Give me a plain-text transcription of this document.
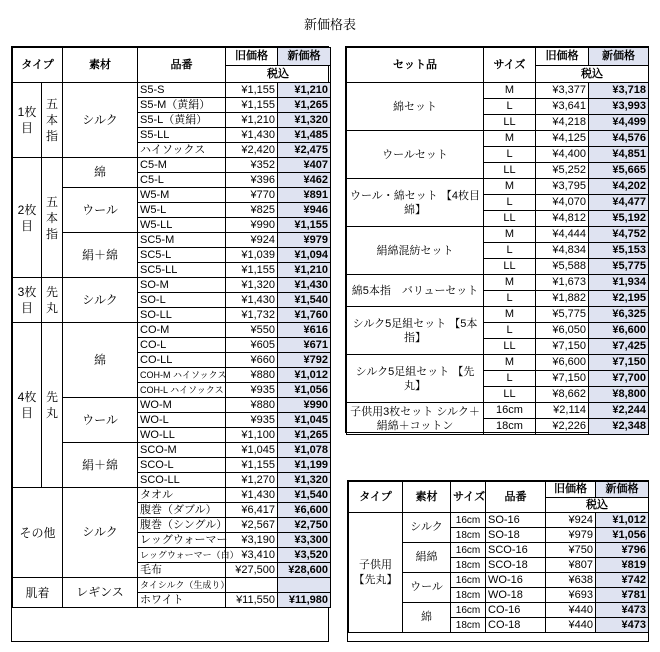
新価格表
タイプ		素材	品番	旧価格	新価格
				税込	
1枚目	五本指	シルク	S5-S	¥1,155	¥1,210
			S5-M（黄絹）	¥1,155	¥1,265
			S5-L（黄絹）	¥1,210	¥1,320
			S5-LL	¥1,430	¥1,485
			ハイソックス	¥2,420	¥2,475
2枚目	五本指	綿	C5-M	¥352	¥407
			C5-L	¥396	¥462
		ウール	W5-M	¥770	¥891
			W5-L	¥825	¥946
			W5-LL	¥990	¥1,155
		絹＋綿	SC5-M	¥924	¥979
			SC5-L	¥1,039	¥1,094
			SC5-LL	¥1,155	¥1,210
3枚目	先丸	シルク	SO-M	¥1,320	¥1,430
			SO-L	¥1,430	¥1,540
			SO-LL	¥1,732	¥1,760
4枚目	先丸	綿	CO-M	¥550	¥616
			CO-L	¥605	¥671
			CO-LL	¥660	¥792
			COH-M ハイソックス	¥880	¥1,012
			COH-L ハイソックス	¥935	¥1,056
		ウール	WO-M	¥880	¥990
			WO-L	¥935	¥1,045
			WO-LL	¥1,100	¥1,265
		絹＋綿	SCO-M	¥1,045	¥1,078
			SCO-L	¥1,155	¥1,199
			SCO-LL	¥1,270	¥1,320
その他		シルク	タオル	¥1,430	¥1,540
			腹巻（ダブル）	¥6,417	¥6,600
			腹巻（シングル）	¥2,567	¥2,750
			レッグウォーマー	¥3,190	¥3,300
			レッグウォーマー（白）	¥3,410	¥3,520
			毛布	¥27,500	¥28,600
肌着		レギンス	タイシルク（生成り）		
			ホワイト	¥11,550	¥11,980
セット品	サイズ	旧価格	新価格
		税込	
綿セット	M	¥3,377	¥3,718
	L	¥3,641	¥3,993
	LL	¥4,218	¥4,499
ウールセット	M	¥4,125	¥4,576
	L	¥4,400	¥4,851
	LL	¥5,252	¥5,665
ウール・綿セット 【4枚目綿】	M	¥3,795	¥4,202
	L	¥4,070	¥4,477
	LL	¥4,812	¥5,192
絹綿混紡セット	M	¥4,444	¥4,752
	L	¥4,834	¥5,153
	LL	¥5,588	¥5,775
綿5本指　バリューセット	M	¥1,673	¥1,934
	L	¥1,882	¥2,195
シルク5足組セット 【5本指】	M	¥5,775	¥6,325
	L	¥6,050	¥6,600
	LL	¥7,150	¥7,425
シルク5足組セット 【先丸】	M	¥6,600	¥7,150
	L	¥7,150	¥7,700
	LL	¥8,662	¥8,800
子供用3枚セット シルク＋絹綿＋コットン	16cm	¥2,114	¥2,244
	18cm	¥2,226	¥2,348
タイプ	素材	サイズ	品番	旧価格	新価格
				税込	
子供用 【先丸】	シルク	16cm	SO-16	¥924	¥1,012
		18cm	SO-18	¥979	¥1,056
	絹綿	16cm	SCO-16	¥750	¥796
		18cm	SCO-18	¥807	¥819
	ウール	16cm	WO-16	¥638	¥742
		18cm	WO-18	¥693	¥781
	綿	16cm	CO-16	¥440	¥473
		18cm	CO-18	¥440	¥473
